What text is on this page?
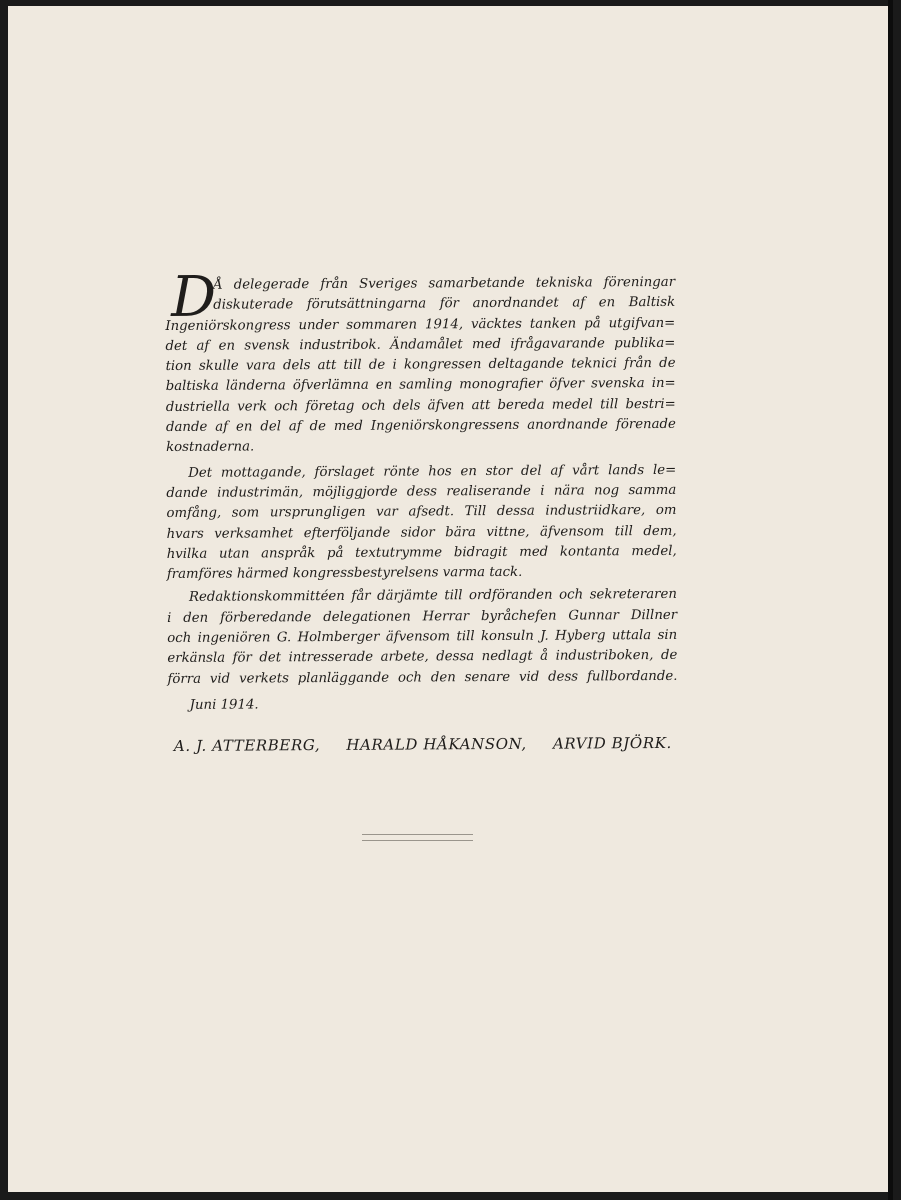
D
Å delegerade från Sveriges samarbetande tekniska föreningar
diskuterade förutsättningarna för anordnandet af en Baltisk
Ingeniörskongress under sommaren 1914, väcktes tanken på utgifvan=
det af en svensk industribok. Ändamålet med ifrågavarande publika=
tion skulle vara dels att till de i kongressen deltagande teknici från de
baltiska länderna öfverlämna en samling monografier öfver svenska in=
dustriella verk och företag och dels äfven att bereda medel till bestri=
dande af en del af de med Ingeniörskongressens anordnande förenade
kostnaderna.
Det mottagande, förslaget rönte hos en stor del af vårt lands le=
dande industrimän, möjliggjorde dess realiserande i nära nog samma
omfång, som ursprungligen var afsedt. Till dessa industriidkare, om
hvars verksamhet efterföljande sidor bära vittne, äfvensom till dem,
hvilka utan anspråk på textutrymme bidragit med kontanta medel,
framföres härmed kongressbestyrelsens varma tack.
Redaktionskommittéen får därjämte till ordföranden och sekreteraren
i den förberedande delegationen Herrar byråchefen Gunnar Dillner
och ingeniören G. Holmberger äfvensom till konsuln J. Hyberg uttala sin
erkänsla för det intresserade arbete, dessa nedlagt å industriboken, de
förra vid verkets planläggande och den senare vid dess fullbordande.
Juni 1914.
A. J. ATTERBERG, HARALD HÅKANSON, ARVID BJÖRK.
